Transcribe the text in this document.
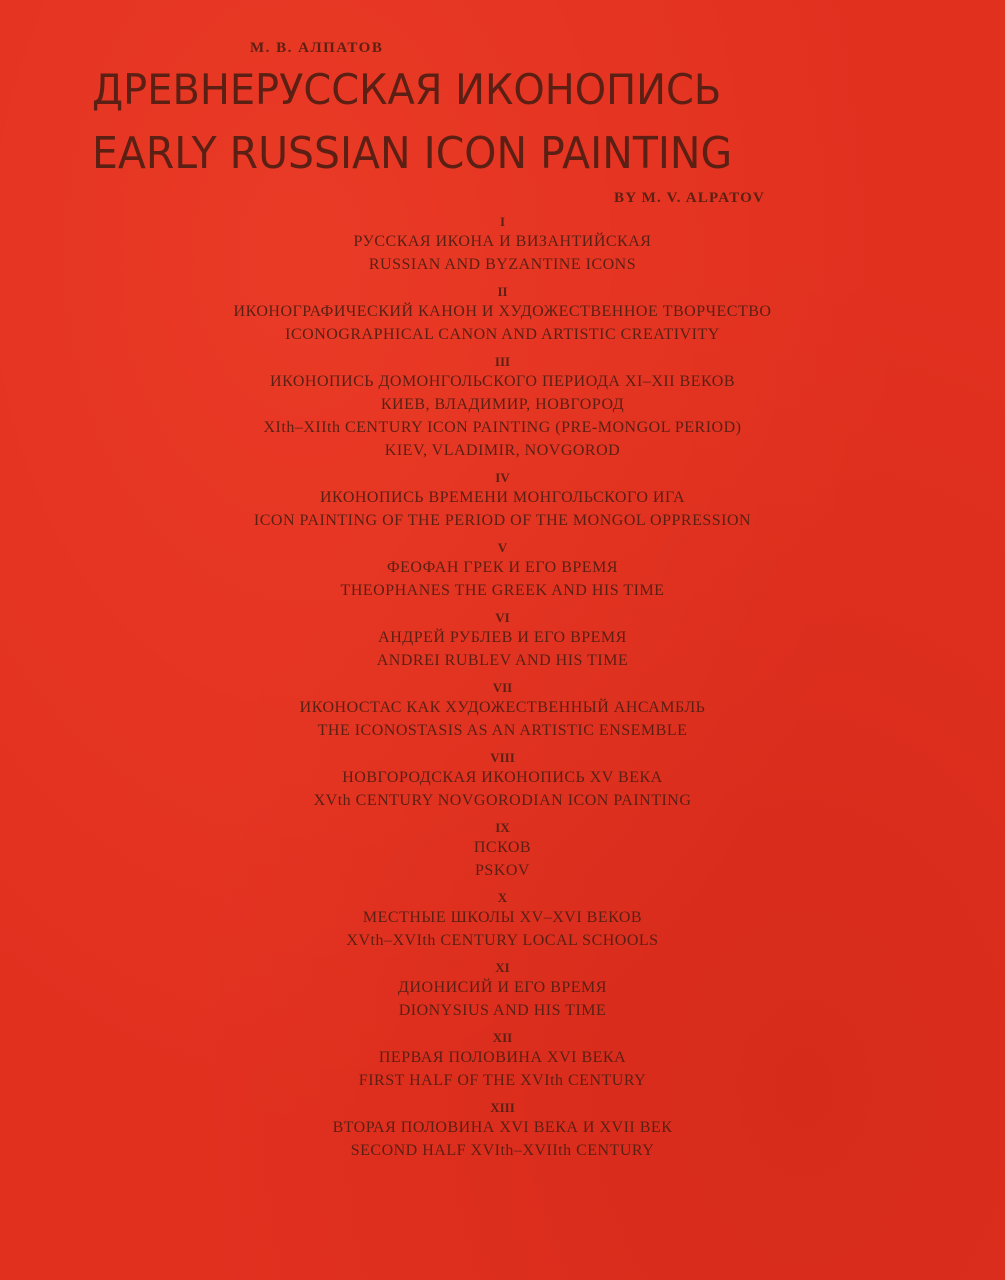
М. В. АЛПАТОВ
ДРЕВНЕРУССКАЯ ИКОНОПИСЬ
EARLY RUSSIAN ICON PAINTING
BY M. V. ALPATOV
I
РУССКАЯ ИКОНА И ВИЗАНТИЙСКАЯ
RUSSIAN AND BYZANTINE ICONS
II
ИКОНОГРАФИЧЕСКИЙ КАНОН И ХУДОЖЕСТВЕННОЕ ТВОРЧЕСТВО
ICONOGRAPHICAL CANON AND ARTISTIC CREATIVITY
III
ИКОНОПИСЬ ДОМОНГОЛЬСКОГО ПЕРИОДА XI–XII ВЕКОВ
КИЕВ, ВЛАДИМИР, НОВГОРОД
XIth–XIIth CENTURY ICON PAINTING (PRE-MONGOL PERIOD)
KIEV, VLADIMIR, NOVGOROD
IV
ИКОНОПИСЬ ВРЕМЕНИ МОНГОЛЬСКОГО ИГА
ICON PAINTING OF THE PERIOD OF THE MONGOL OPPRESSION
V
ФЕОФАН ГРЕК И ЕГО ВРЕМЯ
THEOPHANES THE GREEK AND HIS TIME
VI
АНДРЕЙ РУБЛЕВ И ЕГО ВРЕМЯ
ANDREI RUBLEV AND HIS TIME
VII
ИКОНОСТАС КАК ХУДОЖЕСТВЕННЫЙ АНСАМБЛЬ
THE ICONOSTASIS AS AN ARTISTIC ENSEMBLE
VIII
НОВГОРОДСКАЯ ИКОНОПИСЬ XV ВЕКА
XVth CENTURY NOVGORODIAN ICON PAINTING
IX
ПСКОВ
PSKOV
X
МЕСТНЫЕ ШКОЛЫ XV–XVI ВЕКОВ
XVth–XVIth CENTURY LOCAL SCHOOLS
XI
ДИОНИСИЙ И ЕГО ВРЕМЯ
DIONYSIUS AND HIS TIME
XII
ПЕРВАЯ ПОЛОВИНА XVI ВЕКА
FIRST HALF OF THE XVIth CENTURY
XIII
ВТОРАЯ ПОЛОВИНА XVI ВЕКА И XVII ВЕК
SECOND HALF XVIth–XVIIth CENTURY
